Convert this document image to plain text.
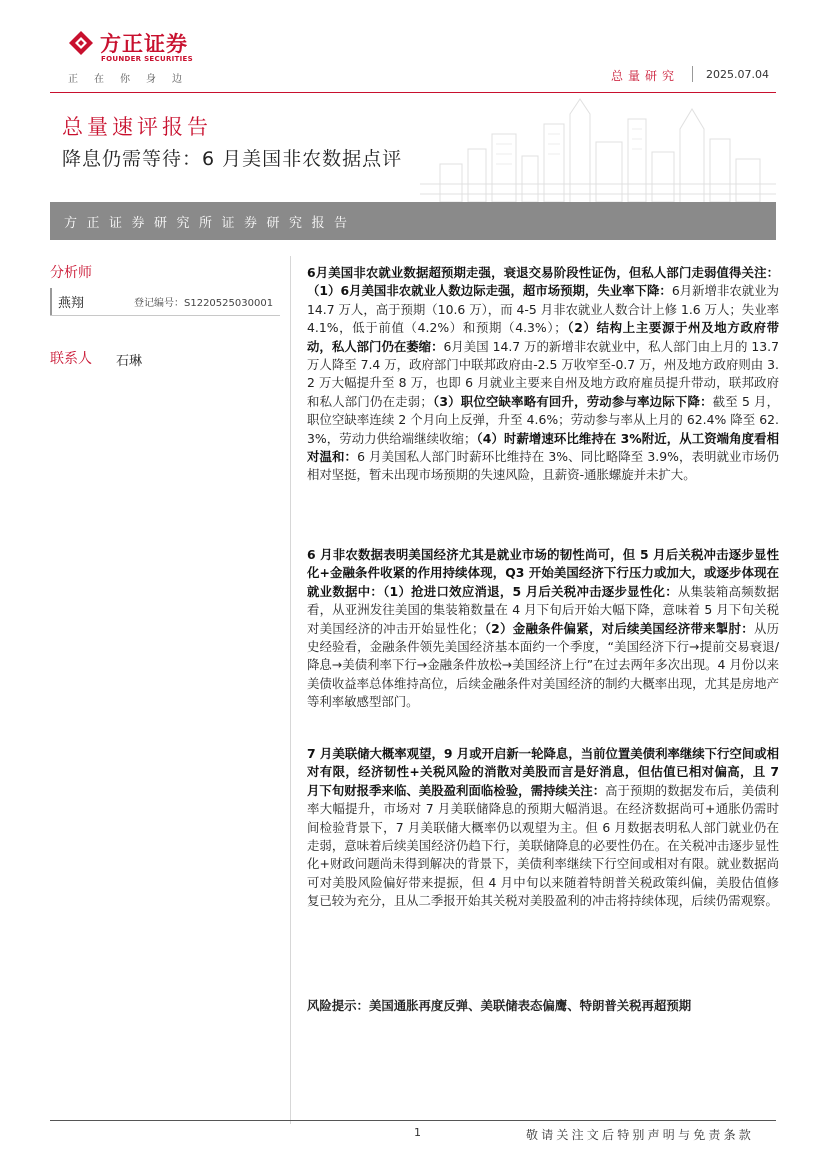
方正证券
FOUNDER SECURITIES
正在你身边	总量研究 2025.07.04
总量速评报告
降息仍需等待：6 月美国非农数据点评
方正证券研究所证券研究报告
分析师
燕翔	登记编号：S1220525030001
联系人 石琳
6月美国非农就业数据超预期走强，衰退交易阶段性证伪，但私人部门走弱值得关注：（1）6月美国非农就业人数边际走强，超市场预期，失业率下降：6月新增非农就业为 14.7 万人，高于预期（10.6 万），而 4-5 月非农就业人数合计上修 1.6 万人；失业率 4.1%，低于前值（4.2%）和预期（4.3%）；（2）结构上主要源于州及地方政府带动，私人部门仍在萎缩：6月美国 14.7 万的新增非农就业中，私人部门由上月的 13.7 万人降至 7.4 万，政府部门中联邦政府由-2.5 万收窄至-0.7 万，州及地方政府则由 3.2 万大幅提升至 8 万，也即 6 月就业主要来自州及地方政府雇员提升带动，联邦政府和私人部门仍在走弱；（3）职位空缺率略有回升，劳动参与率边际下降：截至 5 月，职位空缺率连续 2 个月向上反弹，升至 4.6%；劳动参与率从上月的 62.4% 降至 62.3%，劳动力供给端继续收缩；（4）时薪增速环比维持在 3%附近，从工资端角度看相对温和：6 月美国私人部门时薪环比维持在 3%、同比略降至 3.9%，表明就业市场仍相对坚挺，暂未出现市场预期的失速风险，且薪资-通胀螺旋并未扩大。
6 月非农数据表明美国经济尤其是就业市场的韧性尚可，但 5 月后关税冲击逐步显性化+金融条件收紧的作用持续体现，Q3 开始美国经济下行压力或加大，或逐步体现在就业数据中：（1）抢进口效应消退，5 月后关税冲击逐步显性化：从集装箱高频数据看，从亚洲发往美国的集装箱数量在 4 月下旬后开始大幅下降，意味着 5 月下旬关税对美国经济的冲击开始显性化；（2）金融条件偏紧，对后续美国经济带来掣肘：从历史经验看，金融条件领先美国经济基本面约一个季度，“美国经济下行→提前交易衰退/降息→美债利率下行→金融条件放松→美国经济上行”在过去两年多次出现。4 月份以来美债收益率总体维持高位，后续金融条件对美国经济的制约大概率出现，尤其是房地产等利率敏感型部门。
7 月美联储大概率观望，9 月或开启新一轮降息，当前位置美债利率继续下行空间或相对有限，经济韧性+关税风险的消散对美股而言是好消息，但估值已相对偏高，且 7 月下旬财报季来临、美股盈利面临检验，需持续关注：高于预期的数据发布后，美债利率大幅提升，市场对 7 月美联储降息的预期大幅消退。在经济数据尚可+通胀仍需时间检验背景下，7 月美联储大概率仍以观望为主。但 6 月数据表明私人部门就业仍在走弱，意味着后续美国经济仍趋下行，美联储降息的必要性仍在。在关税冲击逐步显性化+财政问题尚未得到解决的背景下，美债利率继续下行空间或相对有限。就业数据尚可对美股风险偏好带来提振，但 4 月中旬以来随着特朗普关税政策纠偏，美股估值修复已较为充分，且从二季报开始其关税对美股盈利的冲击将持续体现，后续仍需观察。
风险提示：美国通胀再度反弹、美联储表态偏鹰、特朗普关税再超预期
1	敬请关注文后特别声明与免责条款
